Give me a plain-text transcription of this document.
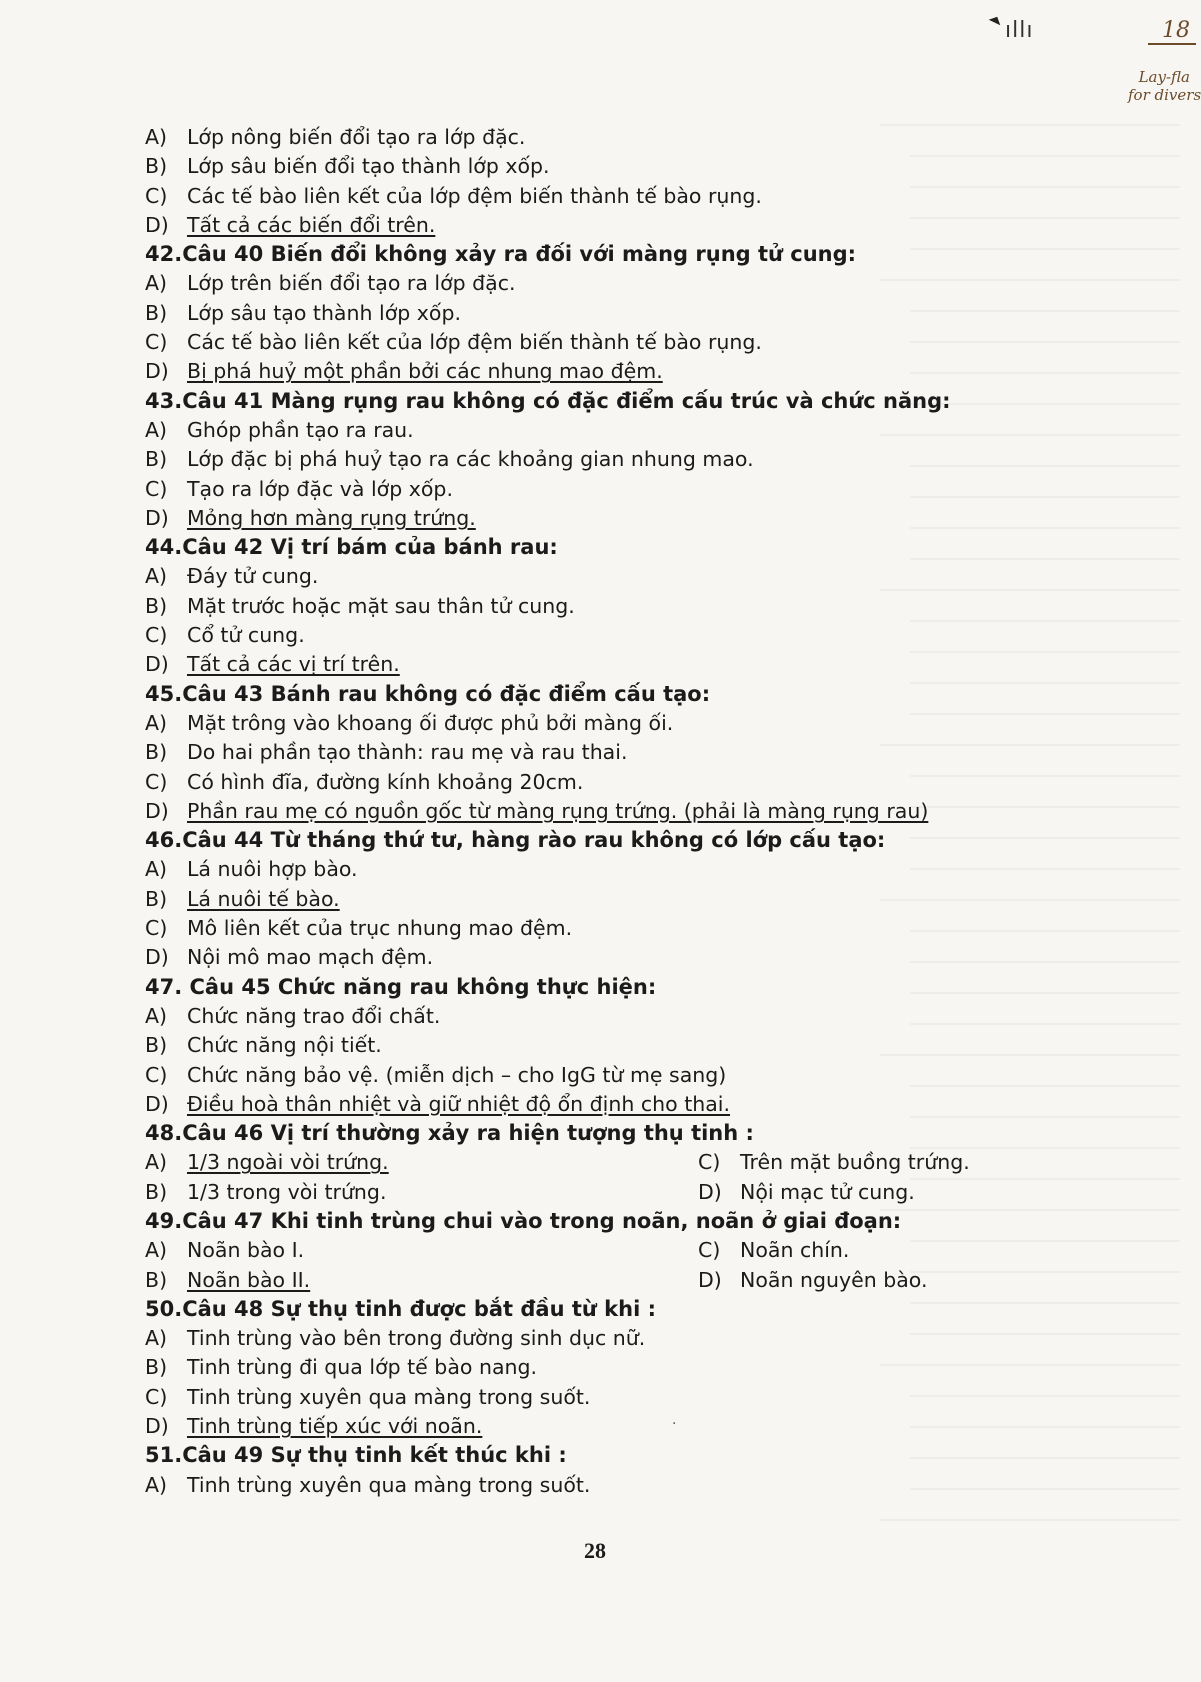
ıllı	18
Lay-fla
for divers
A) Lớp nông biến đổi tạo ra lớp đặc.
B) Lớp sâu biến đổi tạo thành lớp xốp.
C) Các tế bào liên kết của lớp đệm biến thành tế bào rụng.
D) Tất cả các biến đổi trên.
42.Câu 40 Biến đổi không xảy ra đối với màng rụng tử cung:
A) Lớp trên biến đổi tạo ra lớp đặc.
B) Lớp sâu tạo thành lớp xốp.
C) Các tế bào liên kết của lớp đệm biến thành tế bào rụng.
D) Bị phá huỷ một phần bởi các nhung mao đệm.
43.Câu 41 Màng rụng rau không có đặc điểm cấu trúc và chức năng:
A) Ghóp phần tạo ra rau.
B) Lớp đặc bị phá huỷ tạo ra các khoảng gian nhung mao.
C) Tạo ra lớp đặc và lớp xốp.
D) Mỏng hơn màng rụng trứng.
44.Câu 42 Vị trí bám của bánh rau:
A) Đáy tử cung.
B) Mặt trước hoặc mặt sau thân tử cung.
C) Cổ tử cung.
D) Tất cả các vị trí trên.
45.Câu 43 Bánh rau không có đặc điểm cấu tạo:
A) Mặt trông vào khoang ối được phủ bởi màng ối.
B) Do hai phần tạo thành: rau mẹ và rau thai.
C) Có hình đĩa, đường kính khoảng 20cm.
D) Phần rau mẹ có nguồn gốc từ màng rụng trứng. (phải là màng rụng rau)
46.Câu 44 Từ tháng thứ tư, hàng rào rau không có lớp cấu tạo:
A) Lá nuôi hợp bào.
B) Lá nuôi tế bào.
C) Mô liên kết của trục nhung mao đệm.
D) Nội mô mao mạch đệm.
47. Câu 45 Chức năng rau không thực hiện:
A) Chức năng trao đổi chất.
B) Chức năng nội tiết.
C) Chức năng bảo vệ. (miễn dịch – cho IgG từ mẹ sang)
D) Điều hoà thân nhiệt và giữ nhiệt độ ổn định cho thai.
48.Câu 46 Vị trí thường xảy ra hiện tượng thụ tinh :
A) 1/3 ngoài vòi trứng.	C) Trên mặt buồng trứng.
B) 1/3 trong vòi trứng.	D) Nội mạc tử cung.
49.Câu 47 Khi tinh trùng chui vào trong noãn, noãn ở giai đoạn:
A) Noãn bào I.	C) Noãn chín.
B) Noãn bào II.	D) Noãn nguyên bào.
50.Câu 48 Sự thụ tinh được bắt đầu từ khi :
A) Tinh trùng vào bên trong đường sinh dục nữ.
B) Tinh trùng đi qua lớp tế bào nang.
C) Tinh trùng xuyên qua màng trong suốt.
D) Tinh trùng tiếp xúc với noãn.
51.Câu 49 Sự thụ tinh kết thúc khi :
A) Tinh trùng xuyên qua màng trong suốt.
.
28
